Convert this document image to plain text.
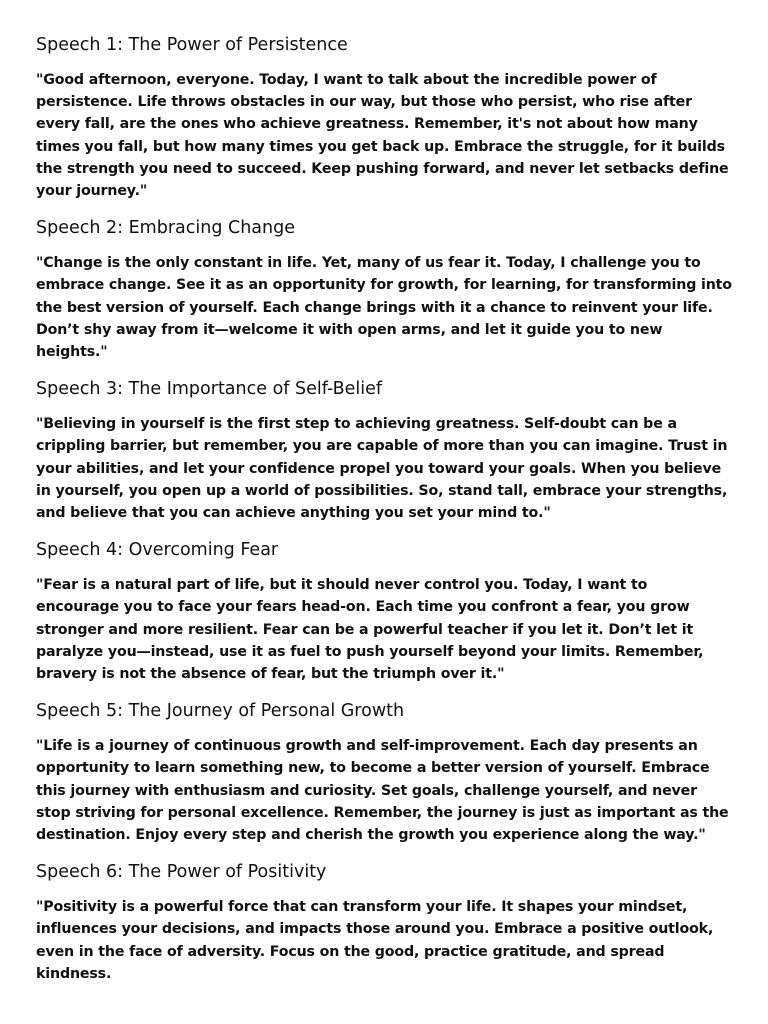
Speech 1: The Power of Persistence

"Good afternoon, everyone. Today, I want to talk about the incredible power of persistence. Life throws obstacles in our way, but those who persist, who rise after every fall, are the ones who achieve greatness. Remember, it's not about how many times you fall, but how many times you get back up. Embrace the struggle, for it builds the strength you need to succeed. Keep pushing forward, and never let setbacks define your journey."

Speech 2: Embracing Change

"Change is the only constant in life. Yet, many of us fear it. Today, I challenge you to embrace change. See it as an opportunity for growth, for learning, for transforming into the best version of yourself. Each change brings with it a chance to reinvent your life. Don’t shy away from it—welcome it with open arms, and let it guide you to new heights."

Speech 3: The Importance of Self-Belief

"Believing in yourself is the first step to achieving greatness. Self-doubt can be a crippling barrier, but remember, you are capable of more than you can imagine. Trust in your abilities, and let your confidence propel you toward your goals. When you believe in yourself, you open up a world of possibilities. So, stand tall, embrace your strengths, and believe that you can achieve anything you set your mind to."

Speech 4: Overcoming Fear

"Fear is a natural part of life, but it should never control you. Today, I want to encourage you to face your fears head-on. Each time you confront a fear, you grow stronger and more resilient. Fear can be a powerful teacher if you let it. Don’t let it paralyze you—instead, use it as fuel to push yourself beyond your limits. Remember, bravery is not the absence of fear, but the triumph over it."

Speech 5: The Journey of Personal Growth

"Life is a journey of continuous growth and self-improvement. Each day presents an opportunity to learn something new, to become a better version of yourself. Embrace this journey with enthusiasm and curiosity. Set goals, challenge yourself, and never stop striving for personal excellence. Remember, the journey is just as important as the destination. Enjoy every step and cherish the growth you experience along the way."

Speech 6: The Power of Positivity

"Positivity is a powerful force that can transform your life. It shapes your mindset, influences your decisions, and impacts those around you. Embrace a positive outlook, even in the face of adversity. Focus on the good, practice gratitude, and spread kindness.
